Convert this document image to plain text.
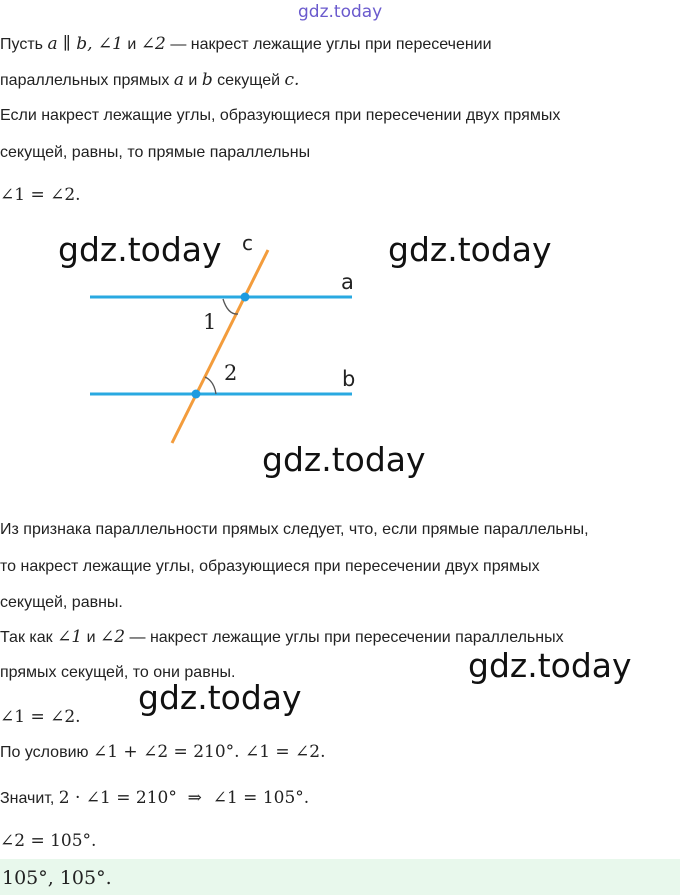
gdz.today
Пусть a ∥ b, ∠1 и ∠2 — накрест лежащие углы при пересечении
параллельных прямых a и b секущей c.
Если накрест лежащие углы, образующиеся при пересечении двух прямых
секущей, равны, то прямые параллельны
∠1 = ∠2.
c
a
b
1
2
gdz.today	gdz.today
gdz.today
Из признака параллельности прямых следует, что, если прямые параллельны,
то накрест лежащие углы, образующиеся при пересечении двух прямых
секущей, равны.
Так как ∠1 и ∠2 — накрест лежащие углы при пересечении параллельных
прямых секущей, то они равны.	gdz.today
gdz.today
∠1 = ∠2.
По условию ∠1 + ∠2 = 210°. ∠1 = ∠2.
Значит, 2 · ∠1 = 210°  ⇒  ∠1 = 105°.
∠2 = 105°.
105°, 105°.
